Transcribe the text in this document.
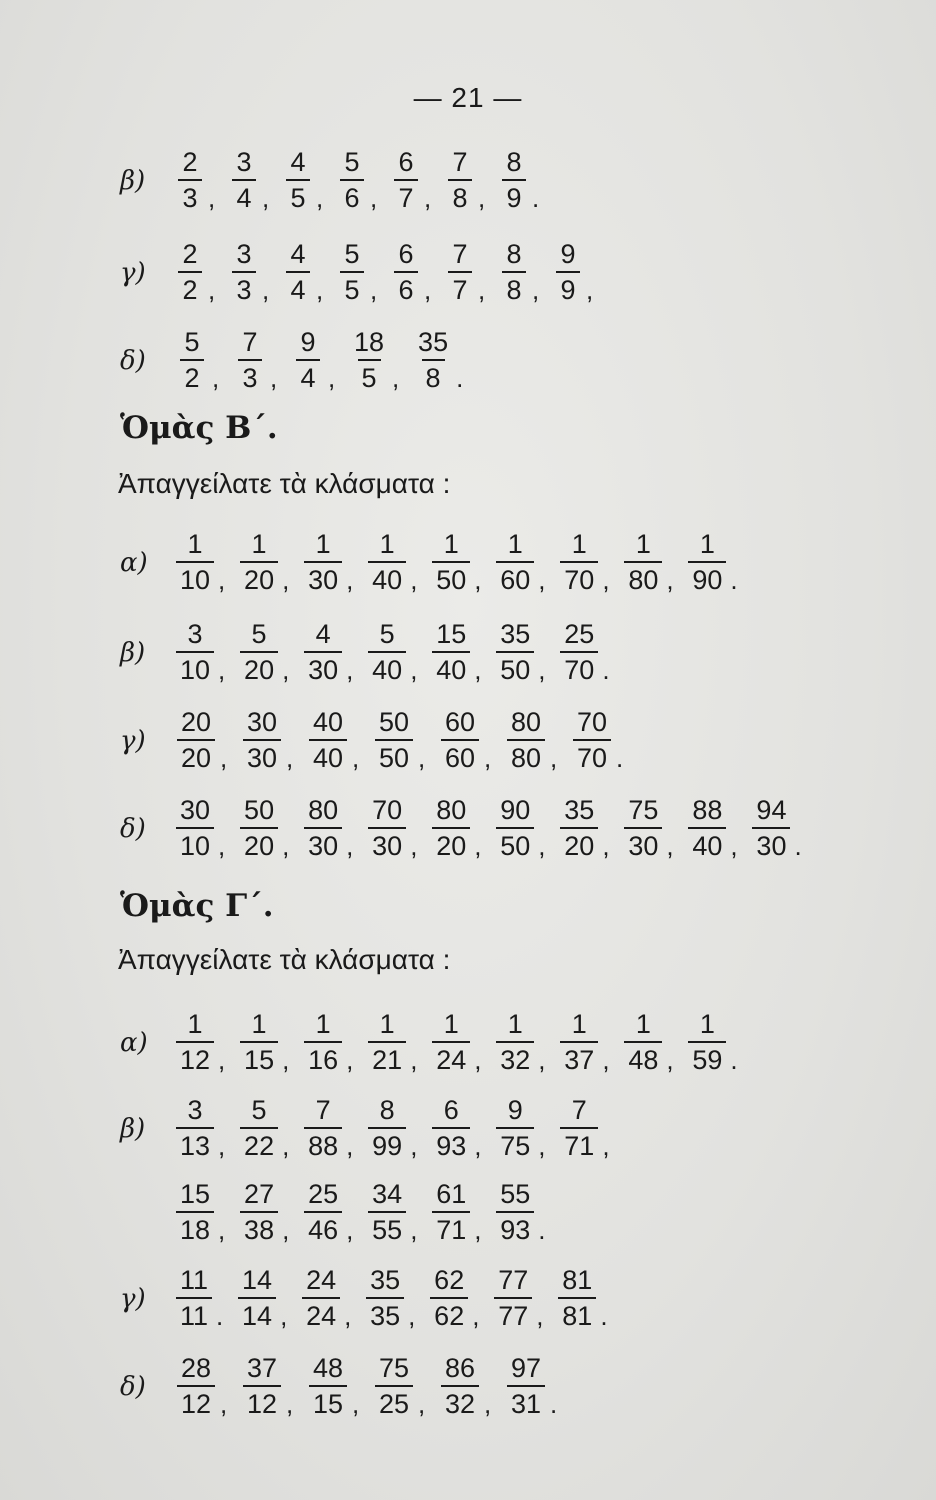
— 21 —
$\beta) \frac{2}{3}$ , $\frac{3}{4}$ , $\frac{4}{5}$ , $\frac{5}{6}$ , $\frac{6}{7}$ , $\frac{7}{8}$ , $\frac{8}{9}$ .
$\gamma) \frac{2}{2}$ , $\frac{3}{3}$ , $\frac{4}{4}$ , $\frac{5}{5}$ , $\frac{6}{6}$ , $\frac{7}{7}$ , $\frac{8}{8}$ , $\frac{9}{9}$ ,
$\delta) \frac{5}{2}$ , $\frac{7}{3}$ , $\frac{9}{4}$ , $\frac{18}{5}$ , $\frac{35}{8}$ .
Ὁμὰς Β΄.
Ἀπαγγείλατε τὰ κλάσματα :
$\alpha) \frac{1}{10}$ , $\frac{1}{20}$ , $\frac{1}{30}$ , $\frac{1}{40}$ , $\frac{1}{50}$ , $\frac{1}{60}$ , $\frac{1}{70}$ , $\frac{1}{80}$ , $\frac{1}{90}$ .
$\beta) \frac{3}{10}$ , $\frac{5}{20}$ , $\frac{4}{30}$ , $\frac{5}{40}$ , $\frac{15}{40}$ , $\frac{35}{50}$ , $\frac{25}{70}$ .
$\gamma) \frac{20}{20}$ , $\frac{30}{30}$ , $\frac{40}{40}$ , $\frac{50}{50}$ , $\frac{60}{60}$ , $\frac{80}{80}$ , $\frac{70}{70}$ .
$\delta) \frac{30}{10}$ , $\frac{50}{20}$ , $\frac{80}{30}$ , $\frac{70}{30}$ , $\frac{80}{20}$ , $\frac{90}{50}$ , $\frac{35}{20}$ , $\frac{75}{30}$ , $\frac{88}{40}$ , $\frac{94}{30}$ .
Ὁμὰς Γ΄.
Ἀπαγγείλατε τὰ κλάσματα :
$\alpha) \frac{1}{12}$ , $\frac{1}{15}$ , $\frac{1}{16}$ , $\frac{1}{21}$ , $\frac{1}{24}$ , $\frac{1}{32}$ , $\frac{1}{37}$ , $\frac{1}{48}$ , $\frac{1}{59}$ .
$\beta) \frac{3}{13}$ , $\frac{5}{22}$ , $\frac{7}{88}$ , $\frac{8}{99}$ , $\frac{6}{93}$ , $\frac{9}{75}$ , $\frac{7}{71}$ ,
$\frac{15}{18}$ , $\frac{27}{38}$ , $\frac{25}{46}$ , $\frac{34}{55}$ , $\frac{61}{71}$ , $\frac{55}{93}$ .
$\gamma) \frac{11}{11}$ . $\frac{14}{14}$ , $\frac{24}{24}$ , $\frac{35}{35}$ , $\frac{62}{62}$ , $\frac{77}{77}$ , $\frac{81}{81}$ .
$\delta) \frac{28}{12}$ , $\frac{37}{12}$ , $\frac{48}{15}$ , $\frac{75}{25}$ , $\frac{86}{32}$ , $\frac{97}{31}$ .
